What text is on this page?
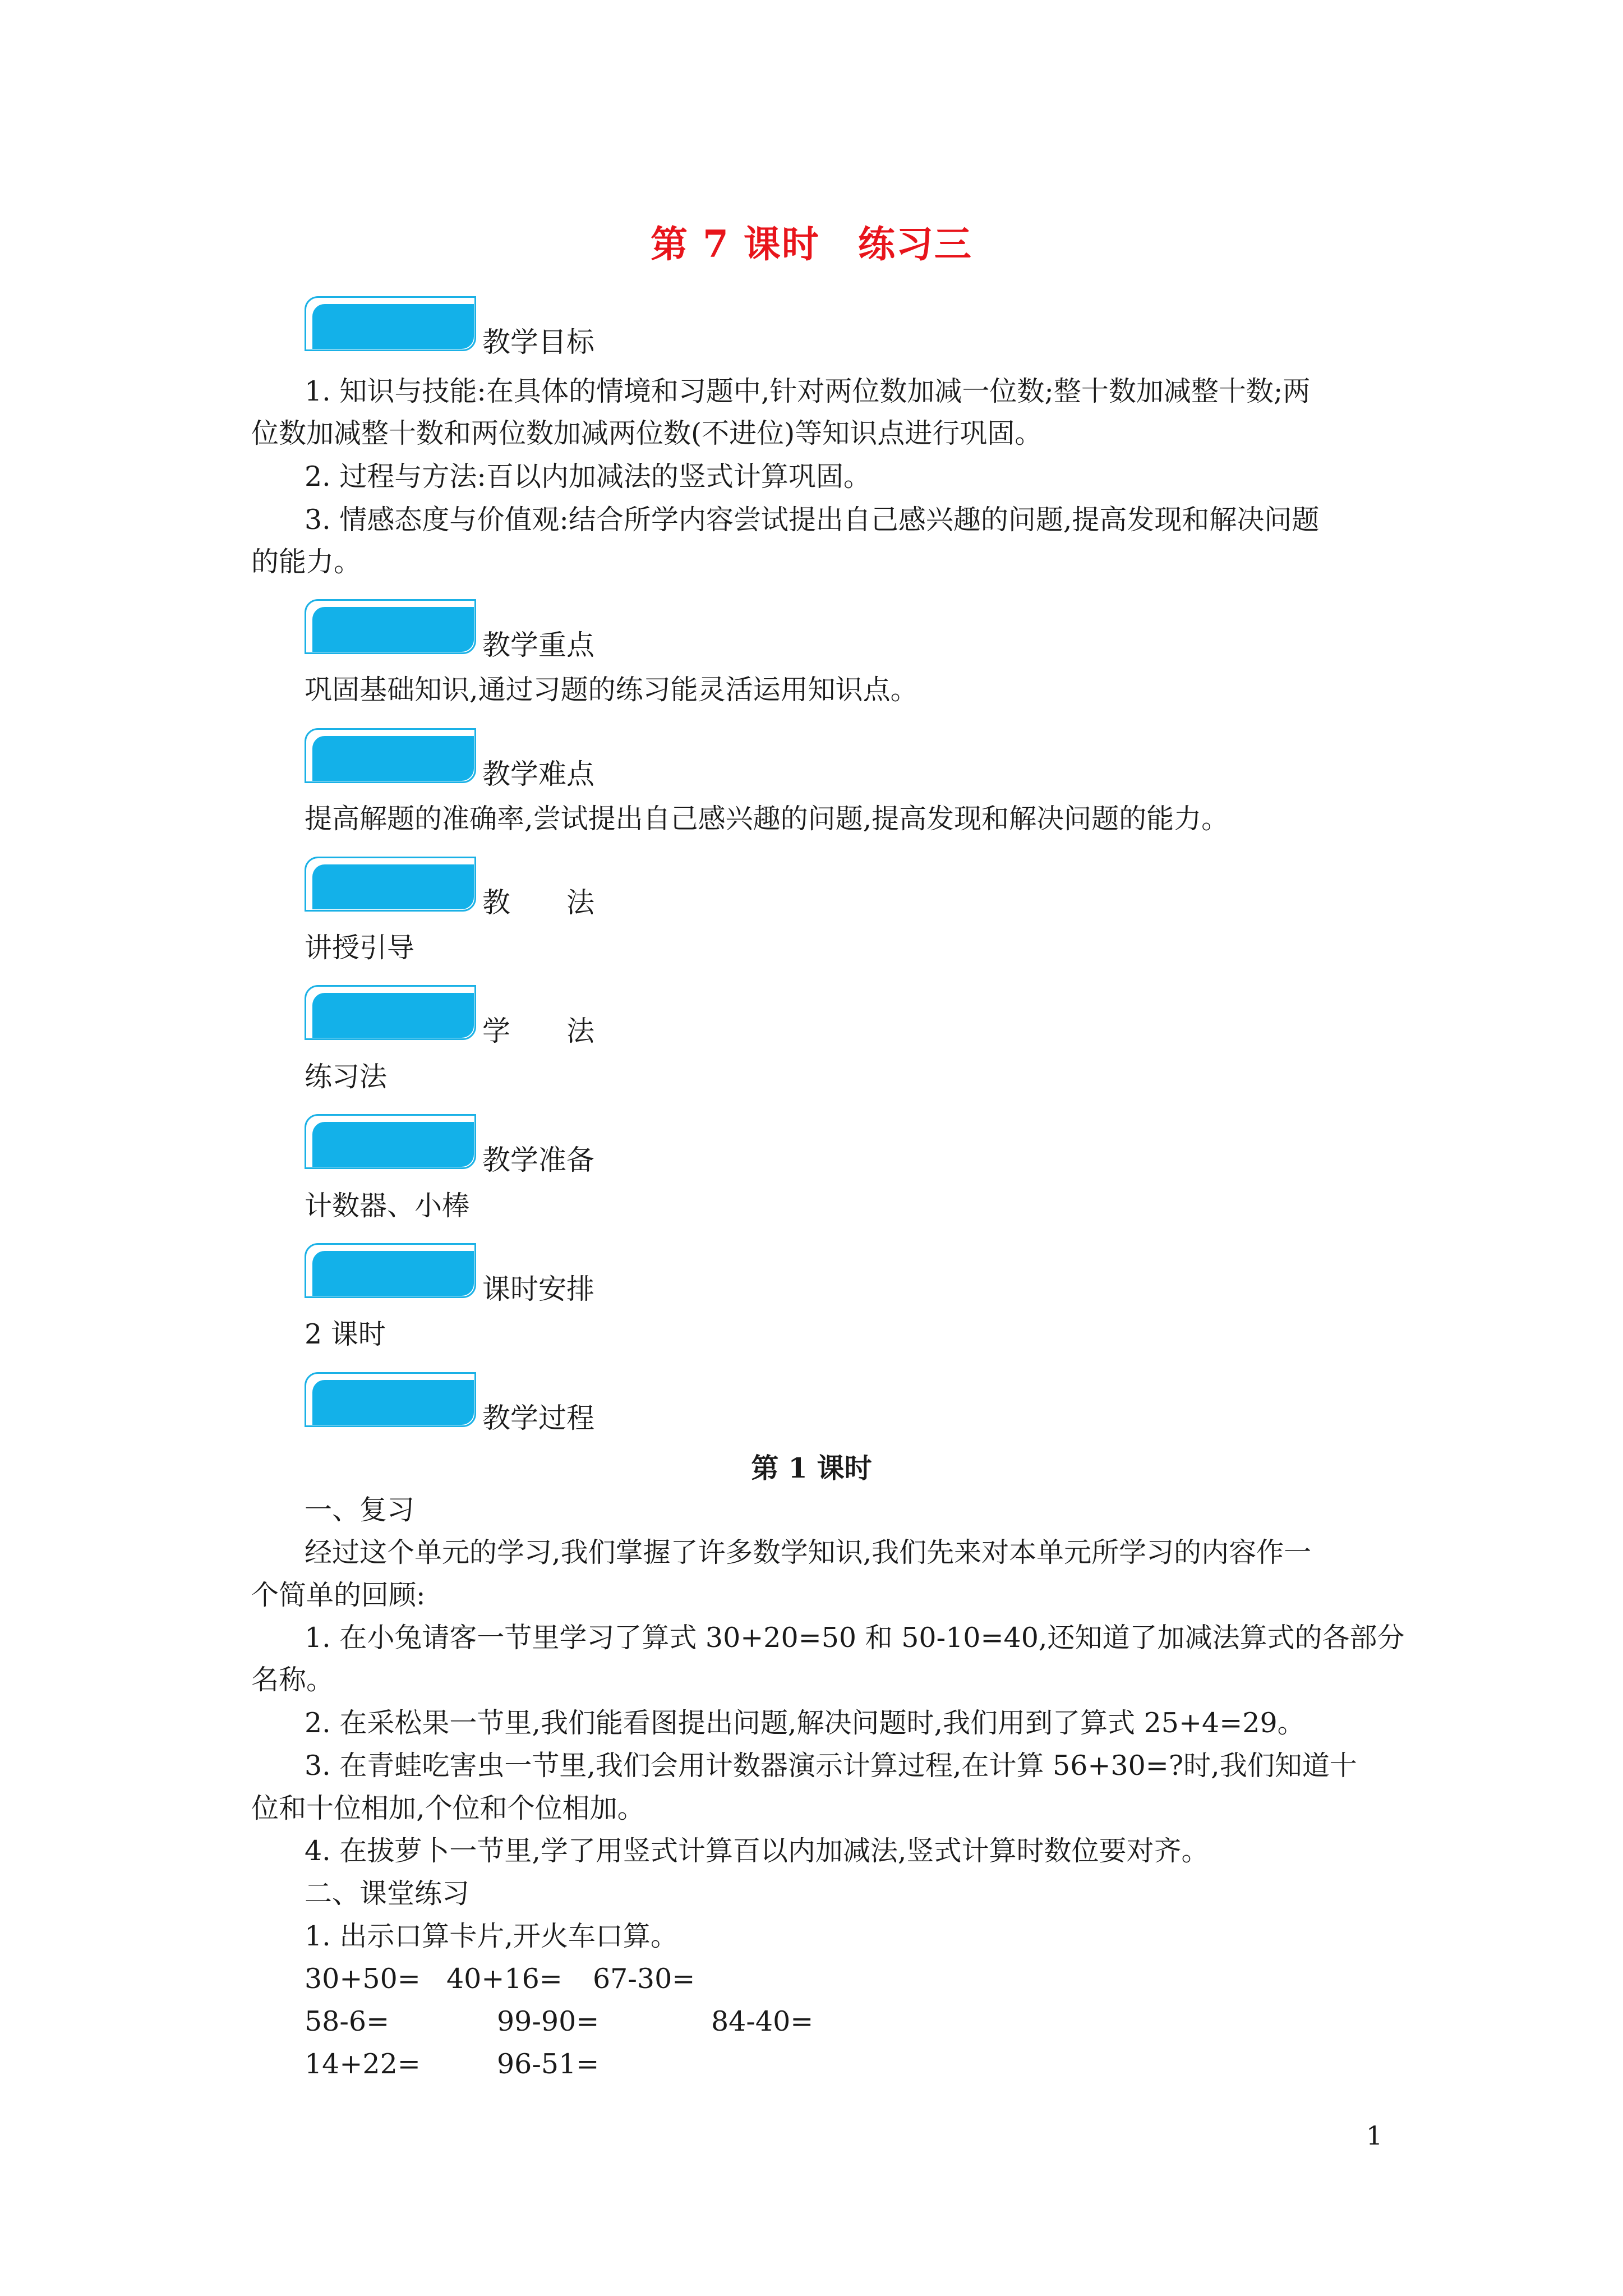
第 7 课时　练习三
教学目标
1. 知识与技能:在具体的情境和习题中,针对两位数加减一位数;整十数加减整十数;两
位数加减整十数和两位数加减两位数(不进位)等知识点进行巩固。
2. 过程与方法:百以内加减法的竖式计算巩固。
3. 情感态度与价值观:结合所学内容尝试提出自己感兴趣的问题,提高发现和解决问题
的能力。
教学重点
巩固基础知识,通过习题的练习能灵活运用知识点。
教学难点
提高解题的准确率,尝试提出自己感兴趣的问题,提高发现和解决问题的能力。
教　　法
讲授引导
学　　法
练习法
教学准备
计数器、小棒
课时安排
2 课时
教学过程
第 1 课时
一、复习
经过这个单元的学习,我们掌握了许多数学知识,我们先来对本单元所学习的内容作一
个简单的回顾:
1. 在小兔请客一节里学习了算式 30+20=50 和 50-10=40,还知道了加减法算式的各部分
名称。
2. 在采松果一节里,我们能看图提出问题,解决问题时,我们用到了算式 25+4=29。
3. 在青蛙吃害虫一节里,我们会用计数器演示计算过程,在计算 56+30=?时,我们知道十
位和十位相加,个位和个位相加。
4. 在拔萝卜一节里,学了用竖式计算百以内加减法,竖式计算时数位要对齐。
二、课堂练习
1. 出示口算卡片,开火车口算。
30+50= 40+16= 67-30=
58-6=	99-90=	84-40=
14+22=	96-51=
1
